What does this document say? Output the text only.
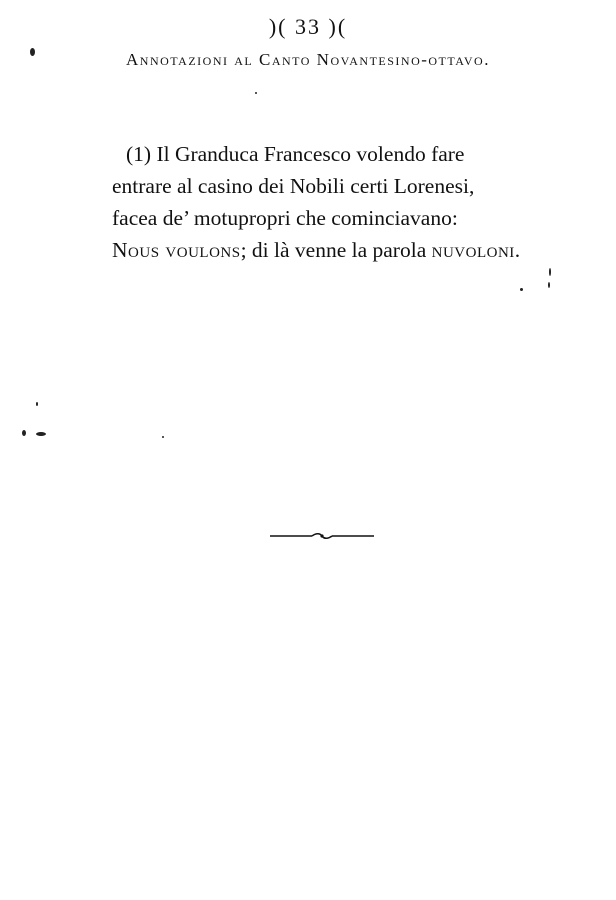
)( 33 )(
Annotazioni al Canto Novantesino-ottavo.

(1) Il Granduca Francesco volendo fare

entrare al casino dei Nobili certi Lorenesi,

facea de’ motupropri che cominciavano:

Nous voulons; di là venne la parola nuvoloni.
